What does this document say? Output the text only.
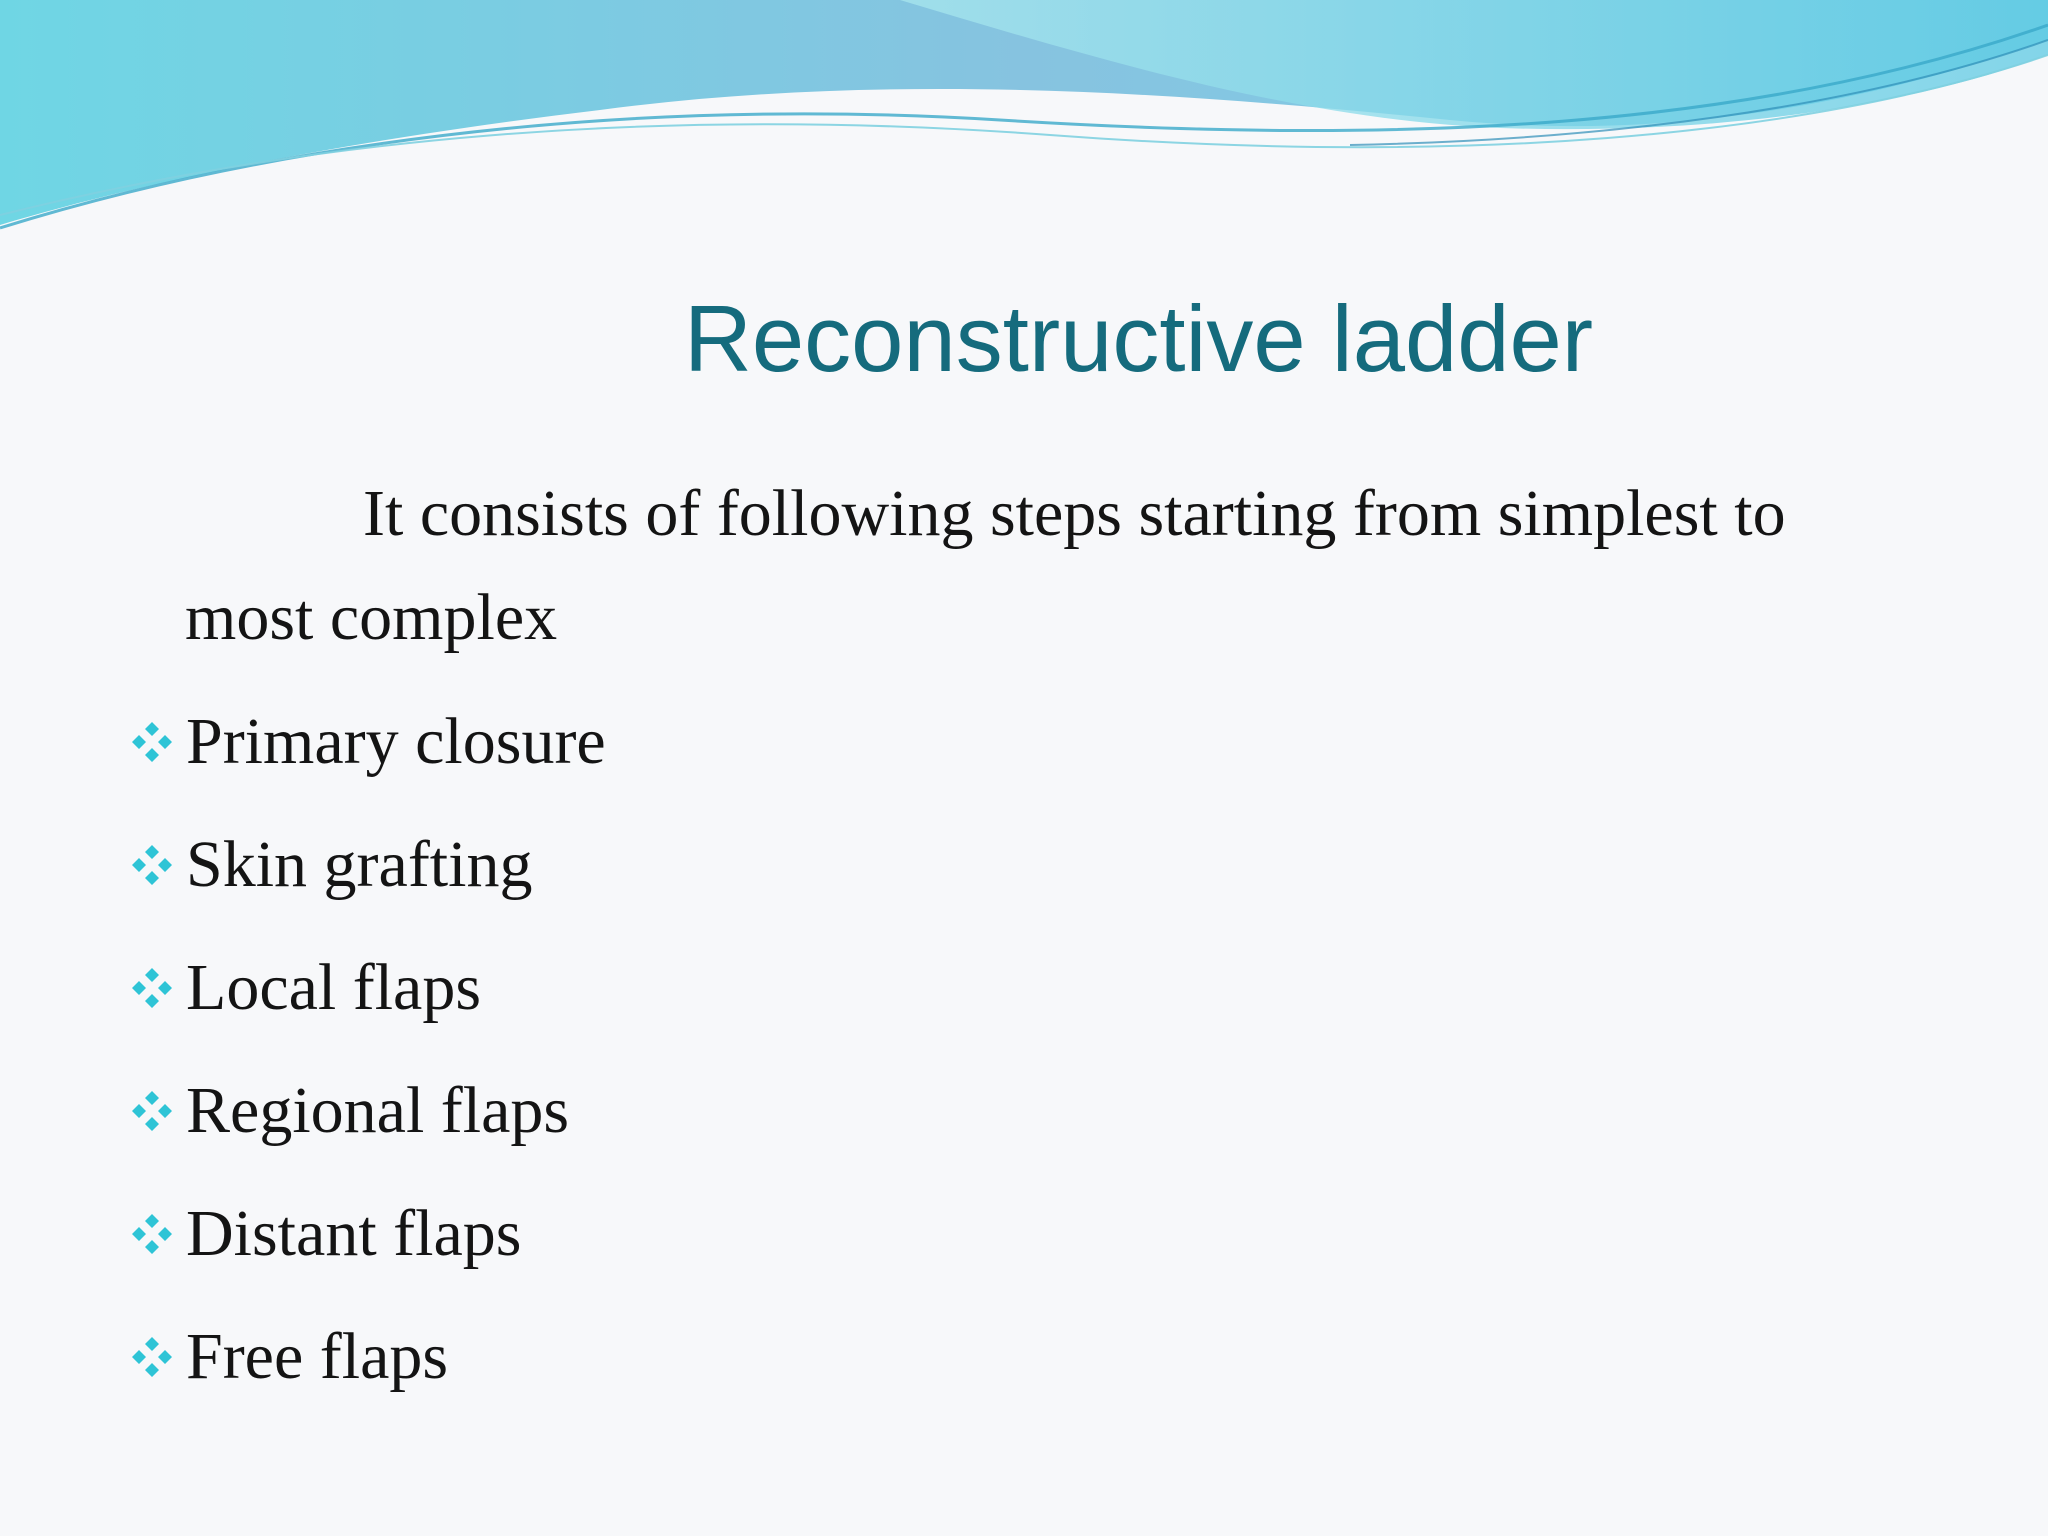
Reconstructive ladder

It consists of following steps starting from simplest to
most complex

Primary closure
Skin grafting
Local flaps
Regional flaps
Distant flaps
Free flaps
